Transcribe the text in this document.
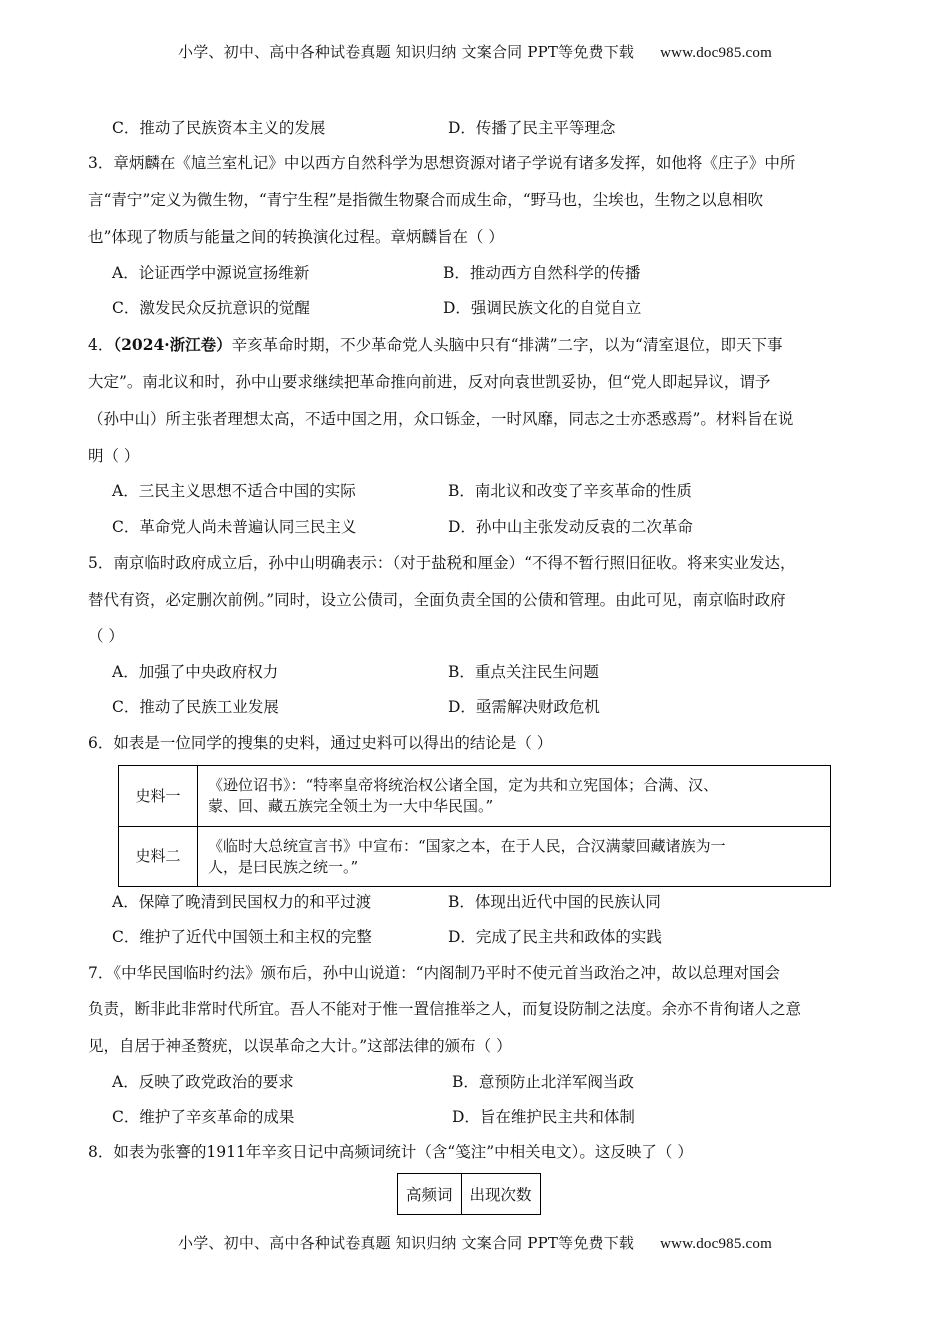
小学、初中、高中各种试卷真题 知识归纳 文案合同 PPT等免费下载 www.doc985.com
C．推动了民族资本主义的发展	D．传播了民主平等理念
3．章炳麟在《訄兰室札记》中以西方自然科学为思想资源对诸子学说有诸多发挥，如他将《庄子》中所
言“青宁”定义为微生物，“青宁生程”是指微生物聚合而成生命，“野马也，尘埃也，生物之以息相吹
也”体现了物质与能量之间的转换演化过程。章炳麟旨在（ ）
A．论证西学中源说宣扬维新	B．推动西方自然科学的传播
C．激发民众反抗意识的觉醒	D．强调民族文化的自觉自立
4．（2024·浙江卷）辛亥革命时期，不少革命党人头脑中只有“排满”二字，以为“清室退位，即天下事
大定”。南北议和时，孙中山要求继续把革命推向前进，反对向袁世凯妥协，但“党人即起异议，谓予
（孙中山）所主张者理想太高，不适中国之用，众口铄金，一时风靡，同志之士亦悉惑焉”。材料旨在说
明（ ）
A．三民主义思想不适合中国的实际	B．南北议和改变了辛亥革命的性质
C．革命党人尚未普遍认同三民主义	D．孙中山主张发动反袁的二次革命
5．南京临时政府成立后，孙中山明确表示：（对于盐税和厘金）“不得不暂行照旧征收。将来实业发达，
替代有资，必定删次前例。”同时，设立公债司，全面负责全国的公债和管理。由此可见，南京临时政府
（ ）
A．加强了中央政府权力	B．重点关注民生问题
C．推动了民族工业发展	D．亟需解决财政危机
6．如表是一位同学的搜集的史料，通过史料可以得出的结论是（ ）
史料一	《逊位诏书》：“特率皇帝将统治权公诸全国，定为共和立宪国体；合满、汉、
蒙、回、藏五族完全领土为一大中华民国。”
史料二	《临时大总统宣言书》中宣布：“国家之本，在于人民，合汉满蒙回藏诸族为一
人，是曰民族之统一。”
A．保障了晚清到民国权力的和平过渡	B．体现出近代中国的民族认同
C．维护了近代中国领土和主权的完整	D．完成了民主共和政体的实践
7．《中华民国临时约法》颁布后，孙中山说道：“内阁制乃平时不使元首当政治之冲，故以总理对国会
负责，断非此非常时代所宜。吾人不能对于惟一置信推举之人，而复设防制之法度。余亦不肯徇诸人之意
见，自居于神圣赘疣，以误革命之大计。”这部法律的颁布（ ）
A．反映了政党政治的要求	B．意预防止北洋军阀当政
C．维护了辛亥革命的成果	D．旨在维护民主共和体制
8．如表为张謇的1911年辛亥日记中高频词统计（含“笺注”中相关电文）。这反映了（ ）
高频词	出现次数
小学、初中、高中各种试卷真题 知识归纳 文案合同 PPT等免费下载 www.doc985.com
